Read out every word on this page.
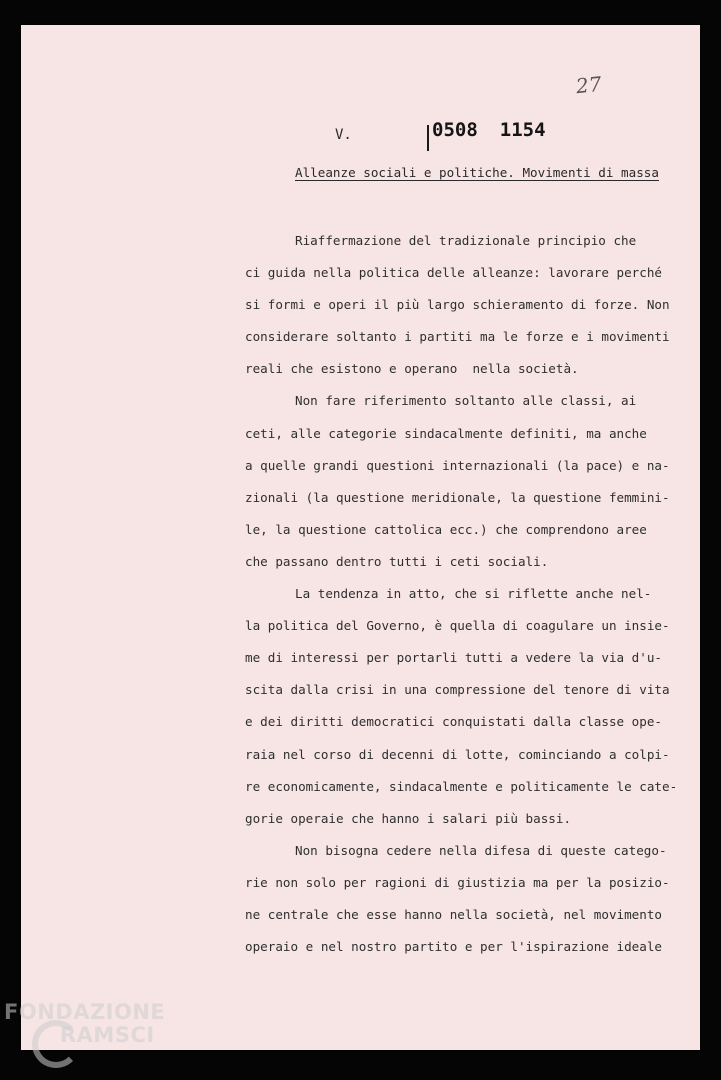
V.	0508 1154
27
Alleanze sociali e politiche. Movimenti di massa
Riaffermazione del tradizionale principio che
ci guida nella politica delle alleanze: lavorare perché
si formi e operi il più largo schieramento di forze. Non
considerare soltanto i partiti ma le forze e i movimenti
reali che esistono e operano  nella società.
Non fare riferimento soltanto alle classi, ai
ceti, alle categorie sindacalmente definiti, ma anche
a quelle grandi questioni internazionali (la pace) e na-
zionali (la questione meridionale, la questione femmini-
le, la questione cattolica ecc.) che comprendono aree
che passano dentro tutti i ceti sociali.
La tendenza in atto, che si riflette anche nel-
la politica del Governo, è quella di coagulare un insie-
me di interessi per portarli tutti a vedere la via d'u-
scita dalla crisi in una compressione del tenore di vita
e dei diritti democratici conquistati dalla classe ope-
raia nel corso di decenni di lotte, cominciando a colpi-
re economicamente, sindacalmente e politicamente le cate-
gorie operaie che hanno i salari più bassi.
Non bisogna cedere nella difesa di queste catego-
rie non solo per ragioni di giustizia ma per la posizio-
ne centrale che esse hanno nella società, nel movimento
operaio e nel nostro partito e per l'ispirazione ideale
FONDAZIONE
RAMSCI
